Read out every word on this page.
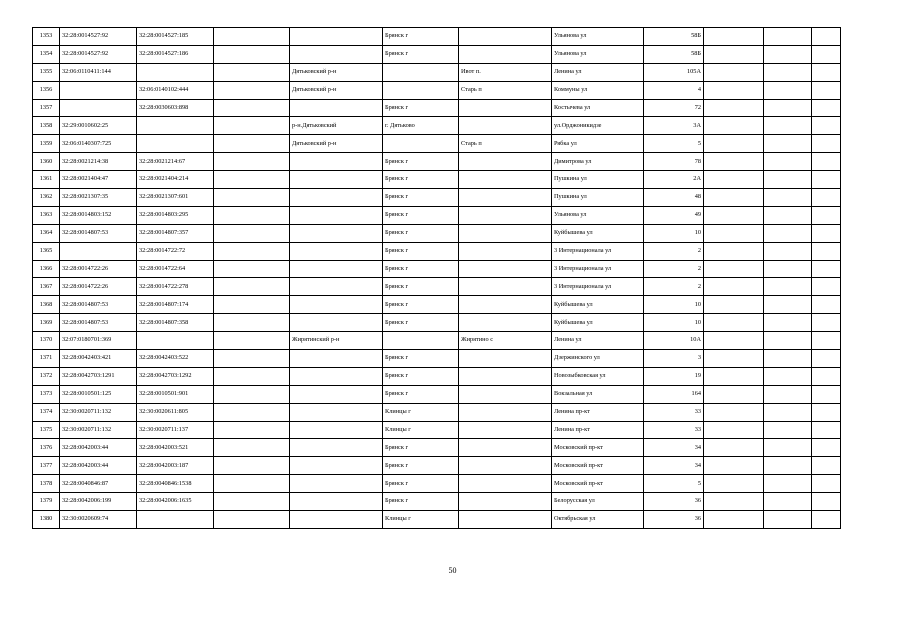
1353	32:28:0014527:92	32:28:0014527:185			Брянск г		Ульянова ул	58Б			
1354	32:28:0014527:92	32:28:0014527:186			Брянск г		Ульянова ул	58Б			
1355	32:06:0110411:144			Дятьковский р-н		Ивот п.	Ленина ул	105А			
1356		32:06:0140102:444		Дятьковский р-н		Старь п	Коммуны ул	4			
1357		32:28:0030603:898			Брянск г		Костычева ул	72			
1358	32:29:0010602:25			р-н.Дятьковский	г. Дятьково		ул.Орджоникидзе	3А			
1359	32:06:0140307:725			Дятьковский р-н		Старь п	Рябка ул	5			
1360	32:28:0021214:38	32:28:0021214:67			Брянск г		Димитрова ул	78			
1361	32:28:0021404:47	32:28:0021404:214			Брянск г		Пушкина ул	2А			
1362	32:28:0021307:35	32:28:0021307:601			Брянск г		Пушкина ул	48			
1363	32:28:0014803:152	32:28:0014803:295			Брянск г		Ульянова ул	49			
1364	32:28:0014807:53	32:28:0014807:357			Брянск г		Куйбышева ул	10			
1365		32:28:0014722:72			Брянск г		3 Интернационала ул	2			
1366	32:28:0014722:26	32:28:0014722:64			Брянск г		3 Интернационала ул	2			
1367	32:28:0014722:26	32:28:0014722:278			Брянск г		3 Интернационала ул	2			
1368	32:28:0014807:53	32:28:0014807:174			Брянск г		Куйбышева ул	10			
1369	32:28:0014807:53	32:28:0014807:358			Брянск г		Куйбышева ул	10			
1370	32:07:0180701:369			Жирятинский р-н		Жирятино с	Ленина ул	10А			
1371	32:28:0042403:421	32:28:0042403:522			Брянск г		Дзержинского ул	3			
1372	32:28:0042703:1291	32:28:0042703:1292			Брянск г		Новозыбковская ул	19			
1373	32:28:0010501:125	32:28:0010501:901			Брянск г		Вокзальная ул	164			
1374	32:30:0020711:132	32:30:0020611:805			Клинцы г		Ленина пр-кт	33			
1375	32:30:0020711:132	32:30:0020711:137			Клинцы г		Ленина пр-кт	33			
1376	32:28:0042003:44	32:28:0042003:521			Брянск г		Московский пр-кт	34			
1377	32:28:0042003:44	32:28:0042003:187			Брянск г		Московский пр-кт	34			
1378	32:28:0040846:87	32:28:0040846:1538			Брянск г		Московский пр-кт	5			
1379	32:28:0042006:199	32:28:0042006:1635			Брянск г		Белорусская ул	36			
1380	32:30:0020609:74				Клинцы г		Октябрьская ул	36			
50
